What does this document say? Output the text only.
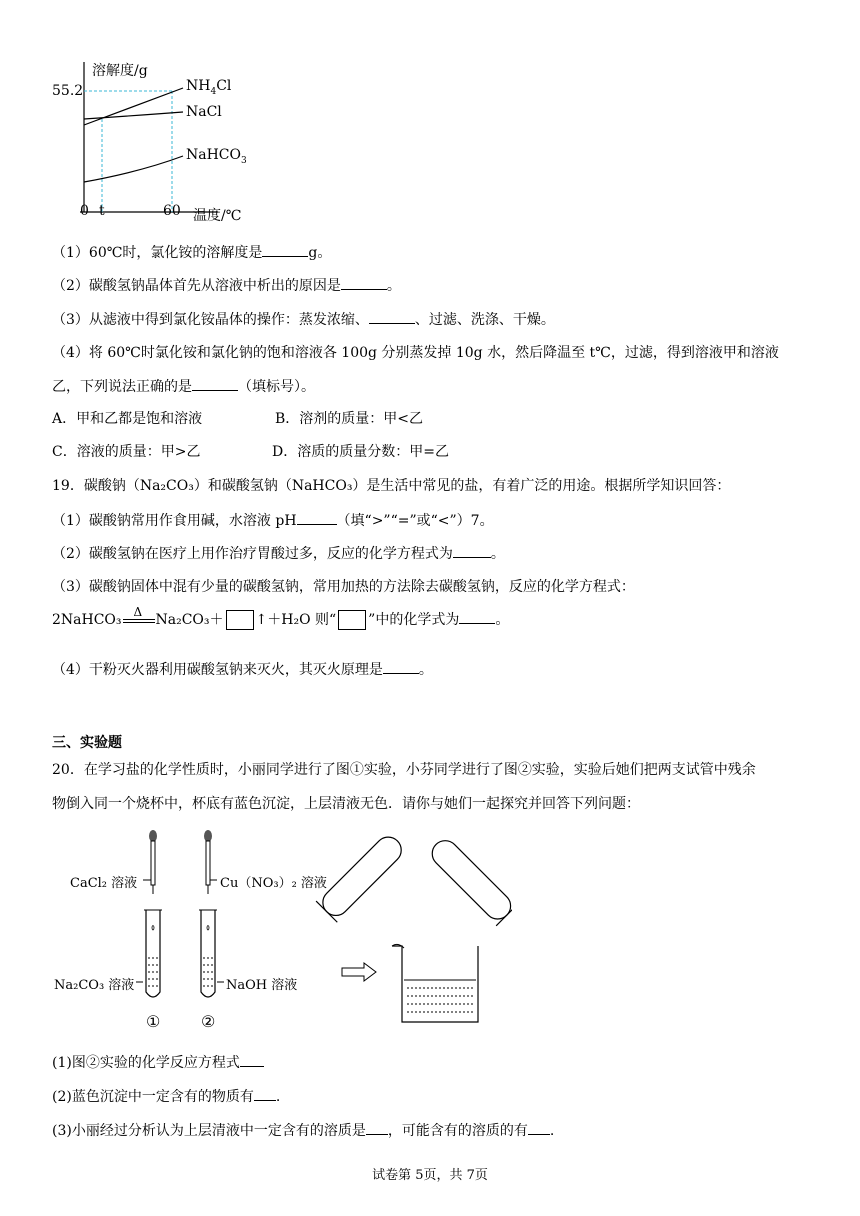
溶解度/g
55.2	$NH_4Cl$
NaCl
NaHCO$_3$
0 t	60 温度/℃
（1）60℃时，氯化铵的溶解度是	g。
（2）碳酸氢钠晶体首先从溶液中析出的原因是	。
（3）从滤液中得到氯化铵晶体的操作：蒸发浓缩、	、过滤、洗涤、干燥。
（4）将 60℃时氯化铵和氯化钠的饱和溶液各 100g 分别蒸发掉 10g 水，然后降温至 t℃，过滤，得到溶液甲和溶液
乙，下列说法正确的是	（填标号）。
A．甲和乙都是饱和溶液	B．溶剂的质量：甲<乙
C．溶液的质量：甲>乙	D．溶质的质量分数：甲=乙
19．碳酸钠（Na₂CO₃）和碳酸氢钠（NaHCO₃）是生活中常见的盐，有着广泛的用途。根据所学知识回答：
（1）碳酸钠常用作食用碱，水溶液 pH	（填“>”“=”或“<”）7。
（2）碳酸氢钠在医疗上用作治疗胃酸过多，反应的化学方程式为	。
（3）碳酸钠固体中混有少量的碳酸氢钠，常用加热的方法除去碳酸氢钠，反应的化学方程式：
2NaHCO₃ Δ Na₂CO₃＋ ↑＋H₂O 则“ ”中的化学式为	。
（4）干粉灭火器利用碳酸氢钠来灭火，其灭火原理是	。
三、实验题
20．在学习盐的化学性质时，小丽同学进行了图①实验，小芬同学进行了图②实验，实验后她们把两支试管中残余
物倒入同一个烧杯中，杯底有蓝色沉淀，上层清液无色．请你与她们一起探究并回答下列问题：
CaCl₂ 溶液	Cu（NO₃）₂ 溶液
Na₂CO₃ 溶液	NaOH 溶液
①	②
(1)图②实验的化学反应方程式
(2)蓝色沉淀中一定含有的物质有 .
(3)小丽经过分析认为上层清液中一定含有的溶质是 ，可能含有的溶质的有 .
试卷第 5页，共 7页
